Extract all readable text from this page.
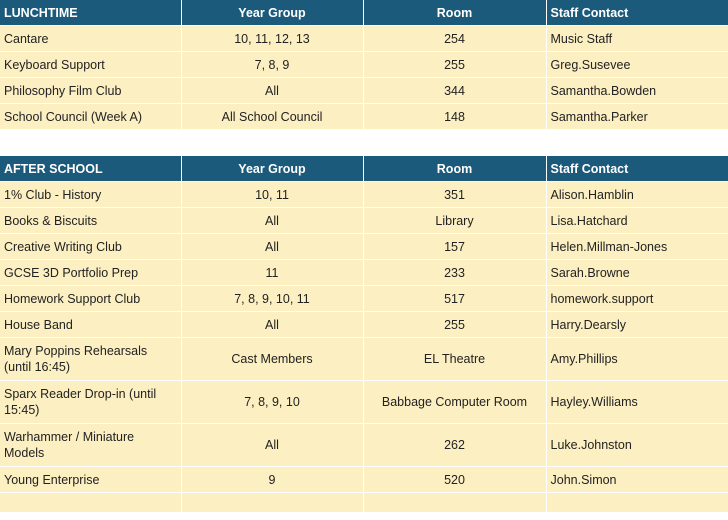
LUNCHTIME	Year Group	Room	Staff Contact
Cantare	10, 11, 12, 13	254	Music Staff
Keyboard Support	7, 8, 9	255	Greg.Susevee
Philosophy Film Club	All	344	Samantha.Bowden
School Council (Week A)	All School Council	148	Samantha.Parker
AFTER SCHOOL	Year Group	Room	Staff Contact
1% Club - History	10, 11	351	Alison.Hamblin
Books & Biscuits	All	Library	Lisa.Hatchard
Creative Writing Club	All	157	Helen.Millman-Jones
GCSE 3D Portfolio Prep	11	233	Sarah.Browne
Homework Support Club	7, 8, 9, 10, 11	517	homework.support
House Band	All	255	Harry.Dearsly
Mary Poppins Rehearsals (until 16:45)	Cast Members	EL Theatre	Amy.Phillips
Sparx Reader Drop-in (until 15:45)	7, 8, 9, 10	Babbage Computer Room	Hayley.Williams
Warhammer / Miniature Models	All	262	Luke.Johnston
Young Enterprise	9	520	John.Simon
